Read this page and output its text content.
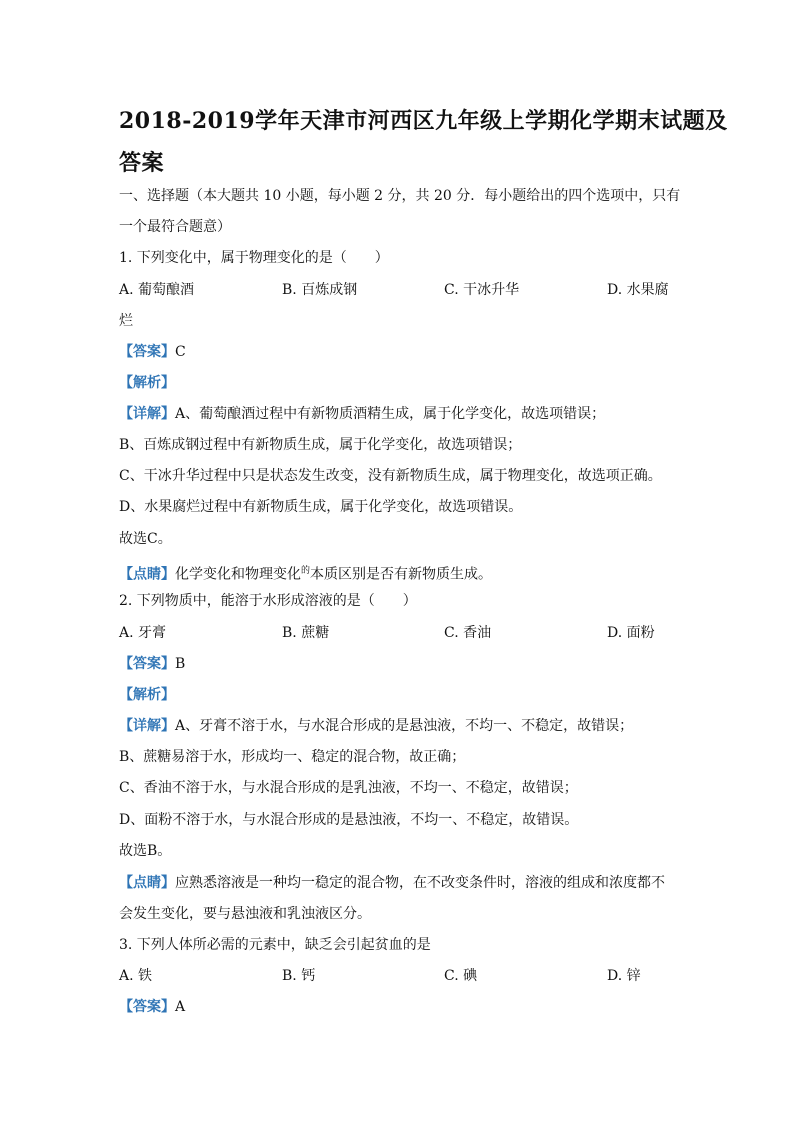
2018-2019学年天津市河西区九年级上学期化学期末试题及
答案
一、选择题（本大题共 10 小题，每小题 2 分，共 20 分．每小题给出的四个选项中，只有
一个最符合题意）
1. 下列变化中，属于物理变化的是（　　）
A. 葡萄酿酒	B. 百炼成钢	C. 干冰升华	D. 水果腐
烂
【答案】C
【解析】
【详解】A、葡萄酿酒过程中有新物质酒精生成，属于化学变化，故选项错误；
B、百炼成钢过程中有新物质生成，属于化学变化，故选项错误；
C、干冰升华过程中只是状态发生改变，没有新物质生成，属于物理变化，故选项正确。
D、水果腐烂过程中有新物质生成，属于化学变化，故选项错误。
故选C。
【点睛】化学变化和物理变化$^的$本质区别是否有新物质生成。
2. 下列物质中，能溶于水形成溶液的是（　　）
A. 牙膏	B. 蔗糖	C. 香油	D. 面粉
【答案】B
【解析】
【详解】A、牙膏不溶于水，与水混合形成的是悬浊液，不均一、不稳定，故错误；
B、蔗糖易溶于水，形成均一、稳定的混合物，故正确；
C、香油不溶于水，与水混合形成的是乳浊液，不均一、不稳定，故错误；
D、面粉不溶于水，与水混合形成的是悬浊液，不均一、不稳定，故错误。
故选B。
【点睛】应熟悉溶液是一种均一稳定的混合物，在不改变条件时，溶液的组成和浓度都不
会发生变化，要与悬浊液和乳浊液区分。
3. 下列人体所必需的元素中，缺乏会引起贫血的是
A. 铁	B. 钙	C. 碘	D. 锌
【答案】A
